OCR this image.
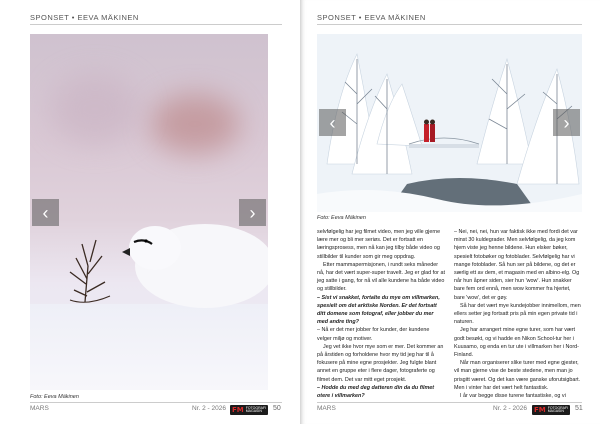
SPONSET • EEVA MÄKINEN
‹	›
Foto: Eeva Mäkinen
MARS	Nr. 2 - 2026 FM FOTOGRAFI MAGASIN	50
SPONSET • EEVA MÄKINEN
MARS	Nr. 2 - 2026 FM FOTOGRAFI MAGASIN	51
‹	›
Foto: Eeva Mäkinen

selvfølgelig har jeg filmet video, men jeg ville gjerne lære mer og bli mer seriøs. Det er fortsatt en læringsprosess, men nå kan jeg tilby både video og stillbilder til kunder som gir meg oppdrag.

Etter mammapermisjonen, i rundt seks måneder nå, har det vært super-super travelt. Jeg er glad for at jeg satte i gang, for nå vil alle kundene ha både video og stillbilder.

– Sist vi snakket, fortalte du mye om villmarken, spesielt om det arktiske Norden. Er det fortsatt ditt domene som fotograf, eller jobber du mer med andre ting?

– Nå er det mer jobber for kunder, der kundene velger miljø og motiver.

Jeg vet ikke hvor mye som er mer. Det kommer an på årstiden og forholdene hvor my tid jeg har til å fokusere på mine egne prosjekter. Jeg fulgte blant annet en gruppe eter i flere dager, fotograferte og filmet dem. Det var mitt eget prosjekt.

– Hodde du med deg datteren din da du filmet otere i villmarken?

– Nei, nei, nei, hun var faktisk ikke med fordi det var minst 30 kuldegrader. Men selvfølgelig, da jeg kom hjem viste jeg henne bildene. Hun elsker bøker, spesielt fotobøker og fotoblader. Selvfølgelig har vi mange fotoblader. Så hun ser på bildene, og det er særlig ett av dem, et magasin med en albino-elg. Og når hun åpner siden, sier hun 'wow'. Hun snakker bare fem ord ennå, men wow kommer fra hjertet, bare 'wow', det er gøy.

Så har det vært mye kundejobber innimellom, men ellers setter jeg fortsatt pris på min egen private tid i naturen.

Jeg har arrangert mine egne turer, som har vært godt besøkt, og vi hadde en Nikon School-tur her i Kuusamo, og enda en tur ute i villmarken her i Nord-Finland.

Når man organiserer slike turer med egne gjester, vil man gjerne vise de beste stedene, men man jo prisgitt været. Og det kan være ganske uforutsigbart. Men i vinter har det vært helt fantastisk.

I år var begge disse turene fantastiske, og vi
